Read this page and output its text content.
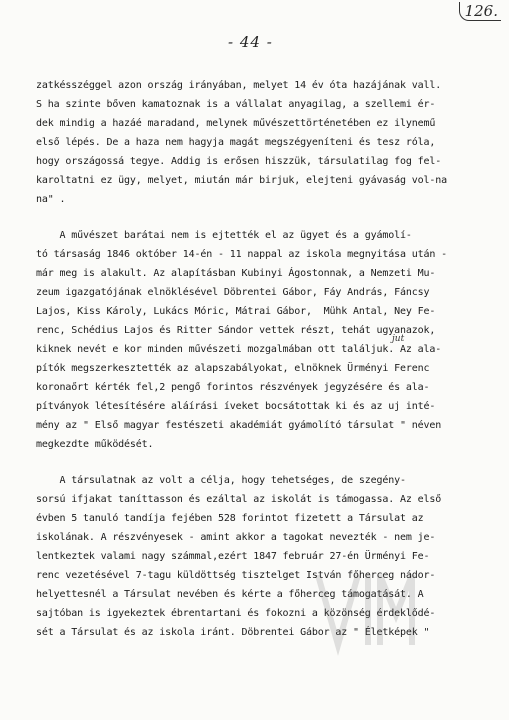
126.
- 44 -
zatkésszéggel azon ország irányában, melyet 14 év óta hazájának vall.
S ha szinte bőven kamatoznak is a vállalat anyagilag, a szellemi ér-
dek mindig a hazáé maradand, melynek művészettörténetében ez ilynemű
első lépés. De a haza nem hagyja magát megszégyeníteni és tesz róla,
hogy országossá tegye. Addig is erősen hiszzük, társulatilag fog fel-
karoltatni ez ügy, melyet, miután már birjuk, elejteni gyávaság vol-na
na" .
A művészet barátai nem is ejtették el az ügyet és a gyámolí-
tó társaság 1846 október 14-én - 11 nappal az iskola megnyitása után -
már meg is alakult. Az alapításban Kubinyi Ágostonnak, a Nemzeti Mu-
zeum igazgatójának elnöklésével Döbrentei Gábor, Fáy András, Fáncsy
Lajos, Kiss Károly, Lukács Móric, Mátrai Gábor,  Mühk Antal, Ney Fe-
renc, Schédius Lajos és Ritter Sándor vettek részt, tehát ugyanazok,
kiknek nevét e kor minden művészeti mozgalmában ott találjuk. Az ala-
pítók megszerkesztették az alapszabályokat, elnöknek Ürményi Ferenc
koronaőrt kérték fel,2 pengő forintos részvények jegyzésére és ala-
pítványok létesítésére aláírási íveket bocsátottak ki és az uj inté-
mény az " Első magyar festészeti akadémiát gyámolító társulat " néven
megkezdte működését.
A társulatnak az volt a célja, hogy tehetséges, de szegény-
sorsú ifjakat taníttasson és ezáltal az iskolát is támogassa. Az első
évben 5 tanuló tandíja fejében 528 forintot fizetett a Társulat az
iskolának. A részvényesek - amint akkor a tagokat nevezték - nem je-
lentkeztek valami nagy számmal,ezért 1847 február 27-én Ürményi Fe-
renc vezetésével 7-tagu küldöttség tisztelget István főherceg nádor-
helyettesnél a Társulat nevében és kérte a főherceg támogatását. A
sajtóban is igyekeztek ébrentartani és fokozni a közönség érdeklődé-
sét a Társulat és az iskola iránt. Döbrentei Gábor az " Életképek "
jut
